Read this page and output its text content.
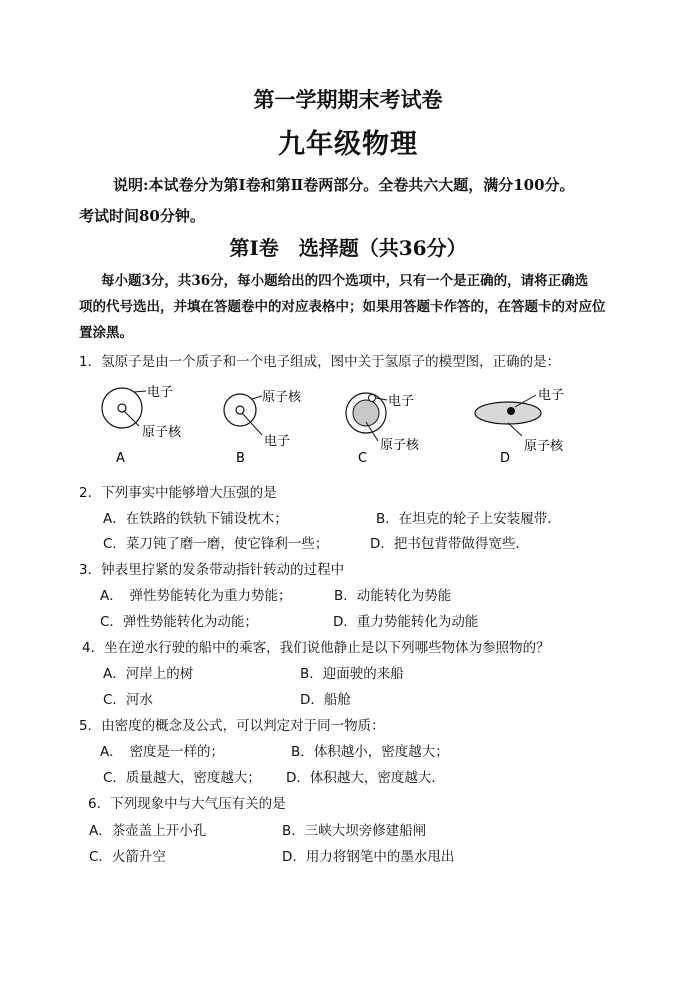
第一学期期末考试卷
九年级物理
说明:本试卷分为第Ⅰ卷和第Ⅱ卷两部分。全卷共六大题，满分100分。
考试时间80分钟。
第Ⅰ卷　选择题（共36分）
每小题3分，共36分，每小题给出的四个选项中，只有一个是正确的，请将正确选
项的代号选出，并填在答题卷中的对应表格中；如果用答题卡作答的，在答题卡的对应位
置涂黑。
1．氢原子是由一个质子和一个电子组成，图中关于氢原子的模型图，正确的是：
电子
原子核
A
原子核
电子
B
电子
原子核
C
电子
原子核
D
2．下列事实中能够增大压强的是
A．在铁路的铁轨下铺设枕木；	B．在坦克的轮子上安装履带．
C．菜刀钝了磨一磨，使它锋利一些；	D．把书包背带做得宽些．
3．钟表里拧紧的发条带动指针转动的过程中
A．　弹性势能转化为重力势能；	B．动能转化为势能
C．弹性势能转化为动能；	D．重力势能转化为动能
4．坐在逆水行驶的船中的乘客，我们说他静止是以下列哪些物体为参照物的？
A．河岸上的树	B．迎面驶的来船
C．河水	D．船舱
5．由密度的概念及公式，可以判定对于同一物质：
A．　密度是一样的；	B．体积越小，密度越大；
C．质量越大，密度越大； D．体积越大，密度越大．
6．下列现象中与大气压有关的是
A．茶壶盖上开小孔	B．三峡大坝旁修建船闸
C．火箭升空	D．用力将钢笔中的墨水甩出
